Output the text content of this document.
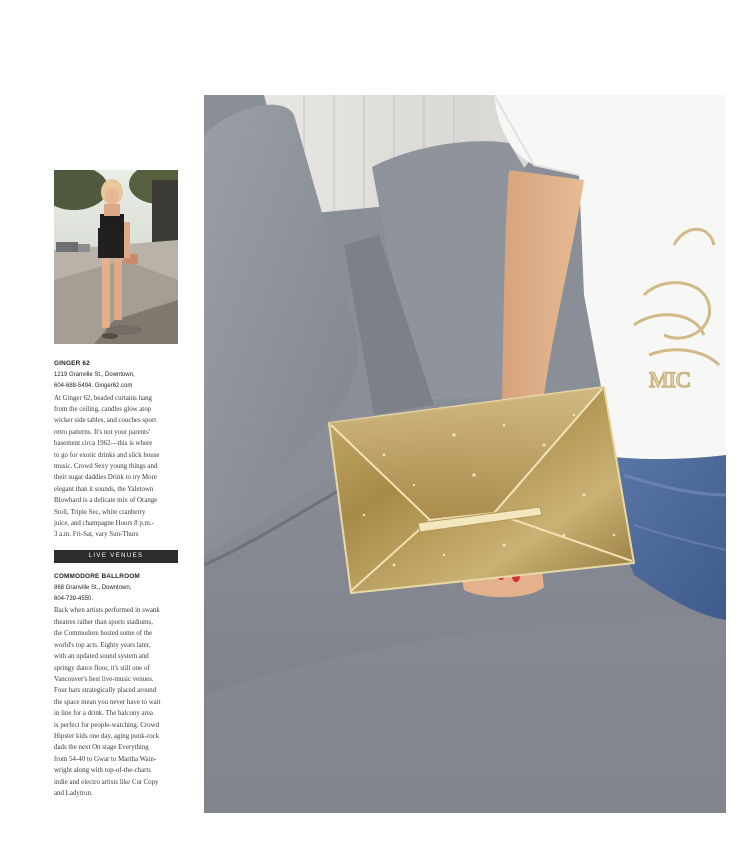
GINGER 62
1219 Granville St., Downtown,
604-688-5494. Ginger62.com

At Ginger 62, beaded curtains hang
from the ceiling, candles glow atop
wicker side tables, and couches sport
retro patterns. It's not your parents'
basement circa 1962—this is where
to go for exotic drinks and slick house
music. Crowd Sexy young things and
their sugar daddies Drink to try More
elegant than it sounds, the Yaletown
Blowhard is a delicate mix of Orange
Stoli, Triple Sec, white cranberry
juice, and champagne Hours 8 p.m.-
3 a.m. Fri-Sat, vary Sun-Thurs

LIVE VENUES
COMMODORE BALLROOM
868 Granville St., Downtown,
604-739-4550.

Back when artists performed in swank
theatres rather than sports stadiums,
the Commodore hosted some of the
world's top acts. Eighty years later,
with an updated sound system and
springy dance floor, it's still one of
Vancouver's best live-music venues.
Four bars strategically placed around
the space mean you never have to wait
in line for a drink. The balcony area
is perfect for people-watching. Crowd
Hipster kids one day, aging punk-rock
dads the next On stage Everything
from 54-40 to Gwar to Martha Wain-
wright along with top-of-the-charts
indie and electro artists like Cut Copy
and Ladytron.

MIC
